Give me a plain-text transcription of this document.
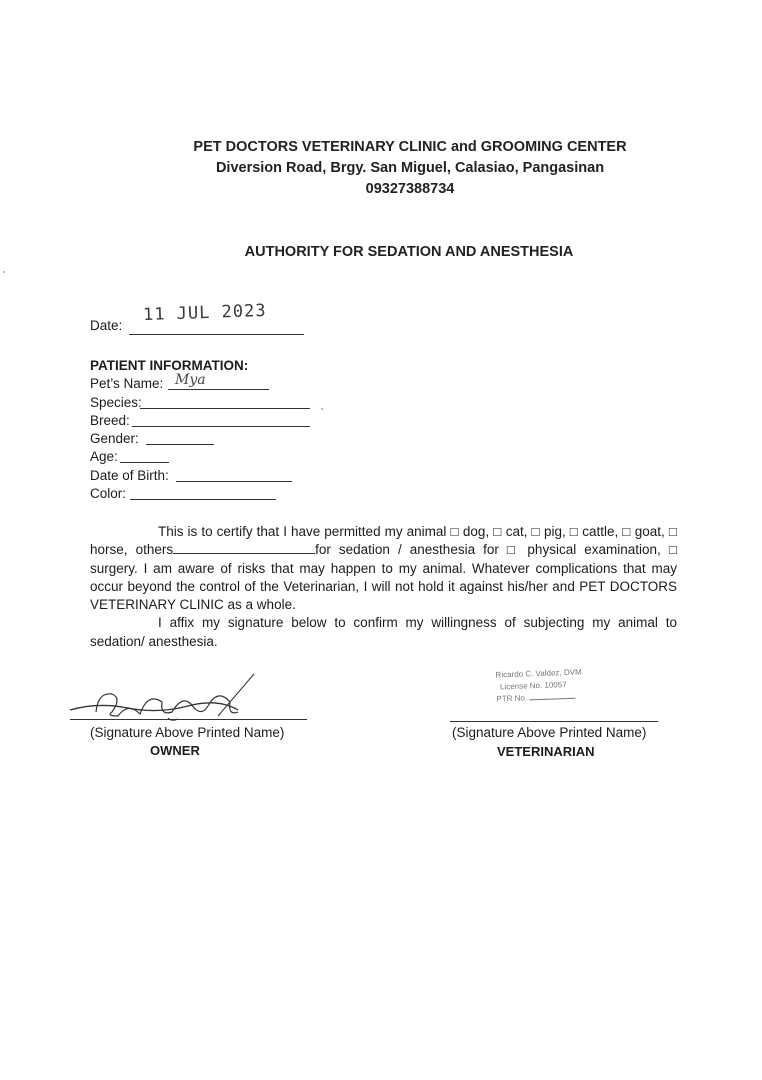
PET DOCTORS VETERINARY CLINIC and GROOMING CENTER
Diversion Road, Brgy. San Miguel, Calasiao, Pangasinan
09327388734
AUTHORITY FOR SEDATION AND ANESTHESIA
Date:
11 JUL 2023
PATIENT INFORMATION:
Pet’s Name:
Species:
Breed:
Gender:
Age:
Date of Birth:
Color:
Mya

This is to certify that I have permitted my animal □ dog, □ cat, □ pig, □ cattle, □ goat, □ horse, others	for sedation / anesthesia for □ physical examination, □ surgery. I am aware of risks that may happen to my animal. Whatever complications that may occur beyond the control of the Veterinarian, I will not hold it against his/her and PET DOCTORS VETERINARY CLINIC as a whole.

I affix my signature below to confirm my willingness of subjecting my animal to sedation/ anesthesia.

(Signature Above Printed Name)
OWNER
Ricardo C. Valdez, DVM
License No. 10057
PTR No.
(Signature Above Printed Name)
VETERINARIAN
